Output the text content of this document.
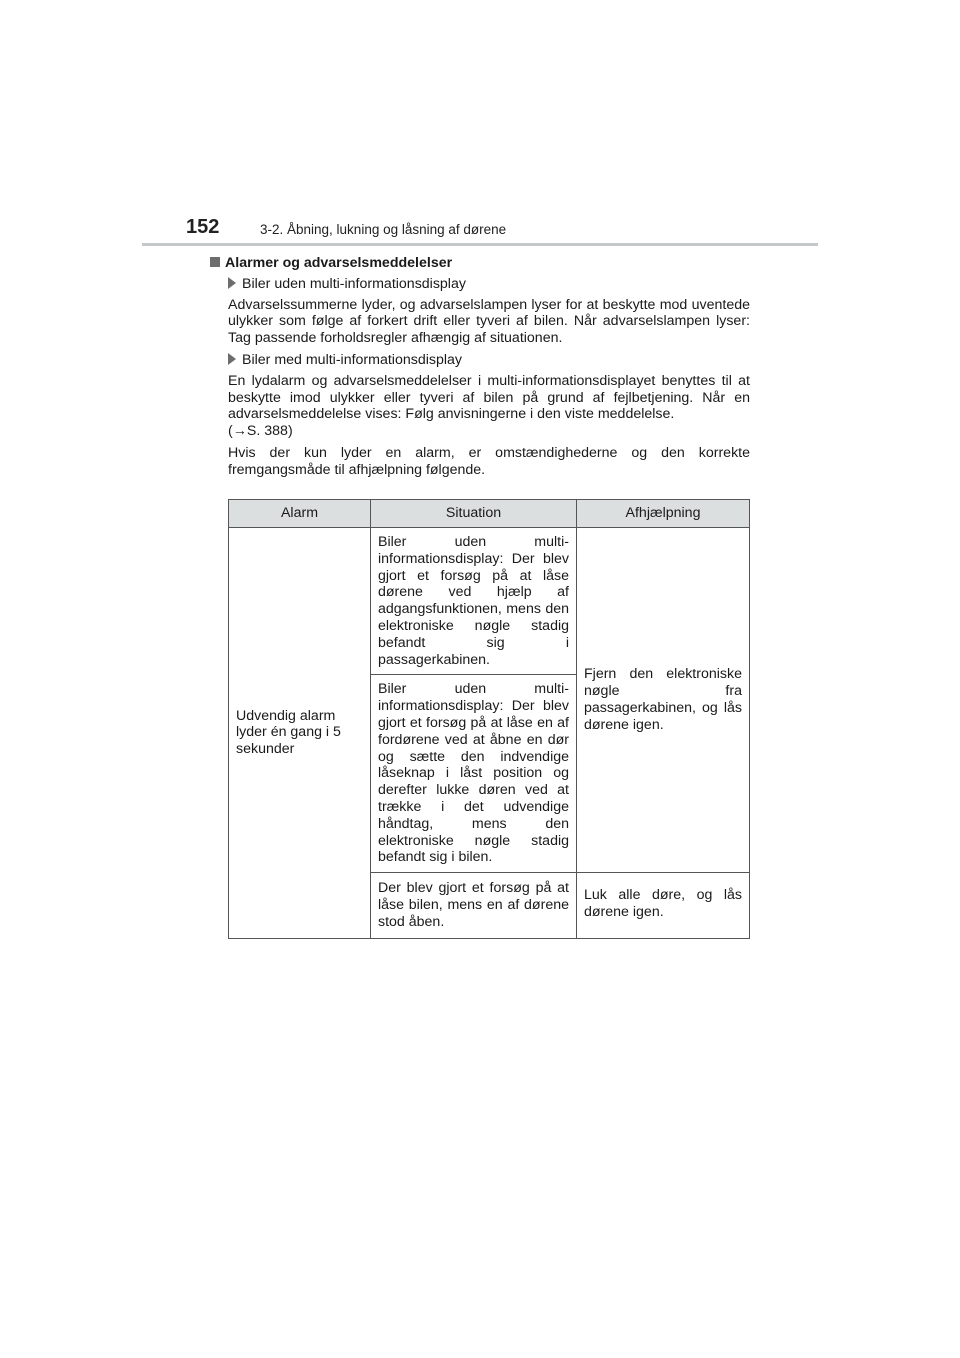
152	3-2. Åbning, lukning og låsning af dørene

Alarmer og advarselsmeddelelser

Biler uden multi-informationsdisplay

Advarselssummerne lyder, og advarselslampen lyser for at beskytte mod uventede ulykker som følge af forkert drift eller tyveri af bilen. Når advarselslampen lyser: Tag passende forholdsregler afhængig af situationen.

Biler med multi-informationsdisplay

En lydalarm og advarselsmeddelelser i multi-informationsdisplayet benyttes til at beskytte imod ulykker eller tyveri af bilen på grund af fejlbetjening. Når en advarselsmeddelelse vises: Følg anvisningerne i den viste meddelelse.

(→S. 388)

Hvis der kun lyder en alarm, er omstændighederne og den korrekte fremgangsmåde til afhjælpning følgende.

Alarm	Situation	Afhjælpning
Udvendig alarm lyder én gang i 5 sekunder	Biler uden multi-informationsdisplay: Der blev gjort et forsøg på at låse dørene ved hjælp af adgangsfunktionen, mens den elektroniske nøgle stadig befandt sig i passagerkabinen.	Fjern den elektroniske nøgle fra passagerkabinen, og lås dørene igen.
	Biler uden multi-informationsdisplay: Der blev gjort et forsøg på at låse en af fordørene ved at åbne en dør og sætte den indvendige låseknap i låst position og derefter lukke døren ved at trække i det udvendige håndtag, mens den elektroniske nøgle stadig befandt sig i bilen.	
	Der blev gjort et forsøg på at låse bilen, mens en af dørene stod åben.	Luk alle døre, og lås dørene igen.
